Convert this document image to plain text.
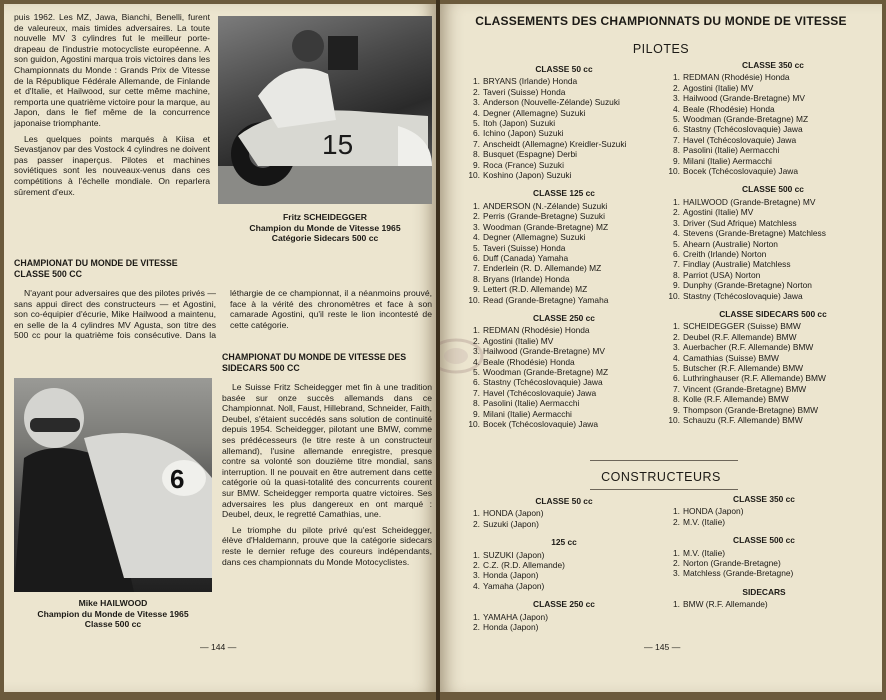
puis 1962. Les MZ, Jawa, Bianchi, Benelli, furent de valeureux, mais timides adversaires. La toute nouvelle MV 3 cylindres fut le meilleur porte-drapeau de l'industrie motocycliste européenne. A son guidon, Agostini marqua trois victoires dans les Championnats du Monde : Grands Prix de Vitesse de la République Fédérale Allemande, de Finlande et d'Italie, et Hailwood, sur cette même machine, remporta une quatrième victoire pour la marque, au Japon, dans le fief même de la concurrence japonaise triomphante.

Les quelques points marqués à Kiisa et Sevastjanov par des Vostock 4 cylindres ne doivent pas passer inaperçus. Pilotes et machines soviétiques sont les nouveaux-venus dans ces compétitions à l'échelle mondiale. On reparlera sûrement d'eux.

15
Fritz SCHEIDEGGER
Champion du Monde de Vitesse 1965
Catégorie Sidecars 500 cc
CHAMPIONAT DU MONDE DE VITESSE CLASSE 500 CC

N'ayant pour adversaires que des pilotes privés — sans appui direct des constructeurs — et Agostini, son co-équipier d'écurie, Mike Hailwood a maintenu, en selle de la 4 cylindres MV Agusta, son titre des 500 cc pour la quatrième fois consécutive. Dans la léthargie de ce championnat, il a néanmoins prouvé, face à la vérité des chronomètres et face à son camarade Agostini, qu'il reste le lion incontesté de cette catégorie.

6
Mike HAILWOOD
Champion du Monde de Vitesse 1965
Classe 500 cc
CHAMPIONAT DU MONDE DE VITESSE DES SIDECARS 500 CC

Le Suisse Fritz Scheidegger met fin à une tradition basée sur onze succès allemands dans ce Championnat. Noll, Faust, Hillebrand, Schneider, Faith, Deubel, s'étaient succédés sans solution de continuité depuis 1954. Scheidegger, pilotant une BMW, comme ses prédécesseurs (le titre reste à un constructeur allemand), l'usine allemande enregistre, presque contre sa volonté son douzième titre mondial, sans interruption. Il ne pouvait en être autrement dans cette catégorie où la quasi-totalité des concurrents courent sur BMW. Scheidegger remporta quatre victoires. Ses adversaires les plus dangereux en ont marqué : Deubel, deux, le regretté Camathias, une.

Le triomphe du pilote privé qu'est Scheidegger, élève d'Haldemann, prouve que la catégorie sidecars reste le dernier refuge des coureurs indépendants, dans ces championnats du Monde Motocyclistes.

— 144 —
CLASSEMENTS DES CHAMPIONNATS DU MONDE DE VITESSE
PILOTES
CLASSE 50 cc
1. BRYANS (Irlande) Honda
2. Taveri (Suisse) Honda
3. Anderson (Nouvelle-Zélande) Suzuki
4. Degner (Allemagne) Suzuki
5. Itoh (Japon) Suzuki
6. Ichino (Japon) Suzuki
7. Anscheidt (Allemagne) Kreidler-Suzuki
8. Busquet (Espagne) Derbi
9. Roca (France) Suzuki
10. Koshino (Japon) Suzuki
CLASSE 125 cc
1. ANDERSON (N.-Zélande) Suzuki
2. Perris (Grande-Bretagne) Suzuki
3. Woodman (Grande-Bretagne) MZ
4. Degner (Allemagne) Suzuki
5. Taveri (Suisse) Honda
6. Duff (Canada) Yamaha
7. Enderlein (R. D. Allemande) MZ
8. Bryans (Irlande) Honda
9. Lettert (R.D. Allemande) MZ
10. Read (Grande-Bretagne) Yamaha
CLASSE 250 cc
1. REDMAN (Rhodésie) Honda
2. Agostini (Italie) MV
3. Hailwood (Grande-Bretagne) MV
4. Beale (Rhodésie) Honda
5. Woodman (Grande-Bretagne) MZ
6. Stastny (Tchécoslovaquie) Jawa
7. Havel (Tchécoslovaquie) Jawa
8. Pasolini (Italie) Aermacchi
9. Milani (Italie) Aermacchi
10. Bocek (Tchécoslovaquie) Jawa
CLASSE 350 cc
1. REDMAN (Rhodésie) Honda
2. Agostini (Italie) MV
3. Hailwood (Grande-Bretagne) MV
4. Beale (Rhodésie) Honda
5. Woodman (Grande-Bretagne) MZ
6. Stastny (Tchécoslovaquie) Jawa
7. Havel (Tchécoslovaquie) Jawa
8. Pasolini (Italie) Aermacchi
9. Milani (Italie) Aermacchi
10. Bocek (Tchécoslovaquie) Jawa
CLASSE 500 cc
1. HAILWOOD (Grande-Bretagne) MV
2. Agostini (Italie) MV
3. Driver (Sud Afrique) Matchless
4. Stevens (Grande-Bretagne) Matchless
5. Ahearn (Australie) Norton
6. Creith (Irlande) Norton
7. Findlay (Australie) Matchless
8. Parriot (USA) Norton
9. Dunphy (Grande-Bretagne) Norton
10. Stastny (Tchécoslovaquie) Jawa
CLASSE SIDECARS 500 cc
1. SCHEIDEGGER (Suisse) BMW
2. Deubel (R.F. Allemande) BMW
3. Auerbacher (R.F. Allemande) BMW
4. Camathias (Suisse) BMW
5. Butscher (R.F. Allemande) BMW
6. Luthringhauser (R.F. Allemande) BMW
7. Vincent (Grande-Bretagne) BMW
8. Kolle (R.F. Allemande) BMW
9. Thompson (Grande-Bretagne) BMW
10. Schauzu (R.F. Allemande) BMW
CONSTRUCTEURS
CLASSE 50 cc
1. HONDA (Japon)
2. Suzuki (Japon)
125 cc
1. SUZUKI (Japon)
2. C.Z. (R.D. Allemande)
3. Honda (Japon)
4. Yamaha (Japon)
CLASSE 250 cc
1. YAMAHA (Japon)
2. Honda (Japon)
CLASSE 350 cc
1. HONDA (Japon)
2. M.V. (Italie)
CLASSE 500 cc
1. M.V. (Italie)
2. Norton (Grande-Bretagne)
3. Matchless (Grande-Bretagne)
SIDECARS
1. BMW (R.F. Allemande)
— 145 —
